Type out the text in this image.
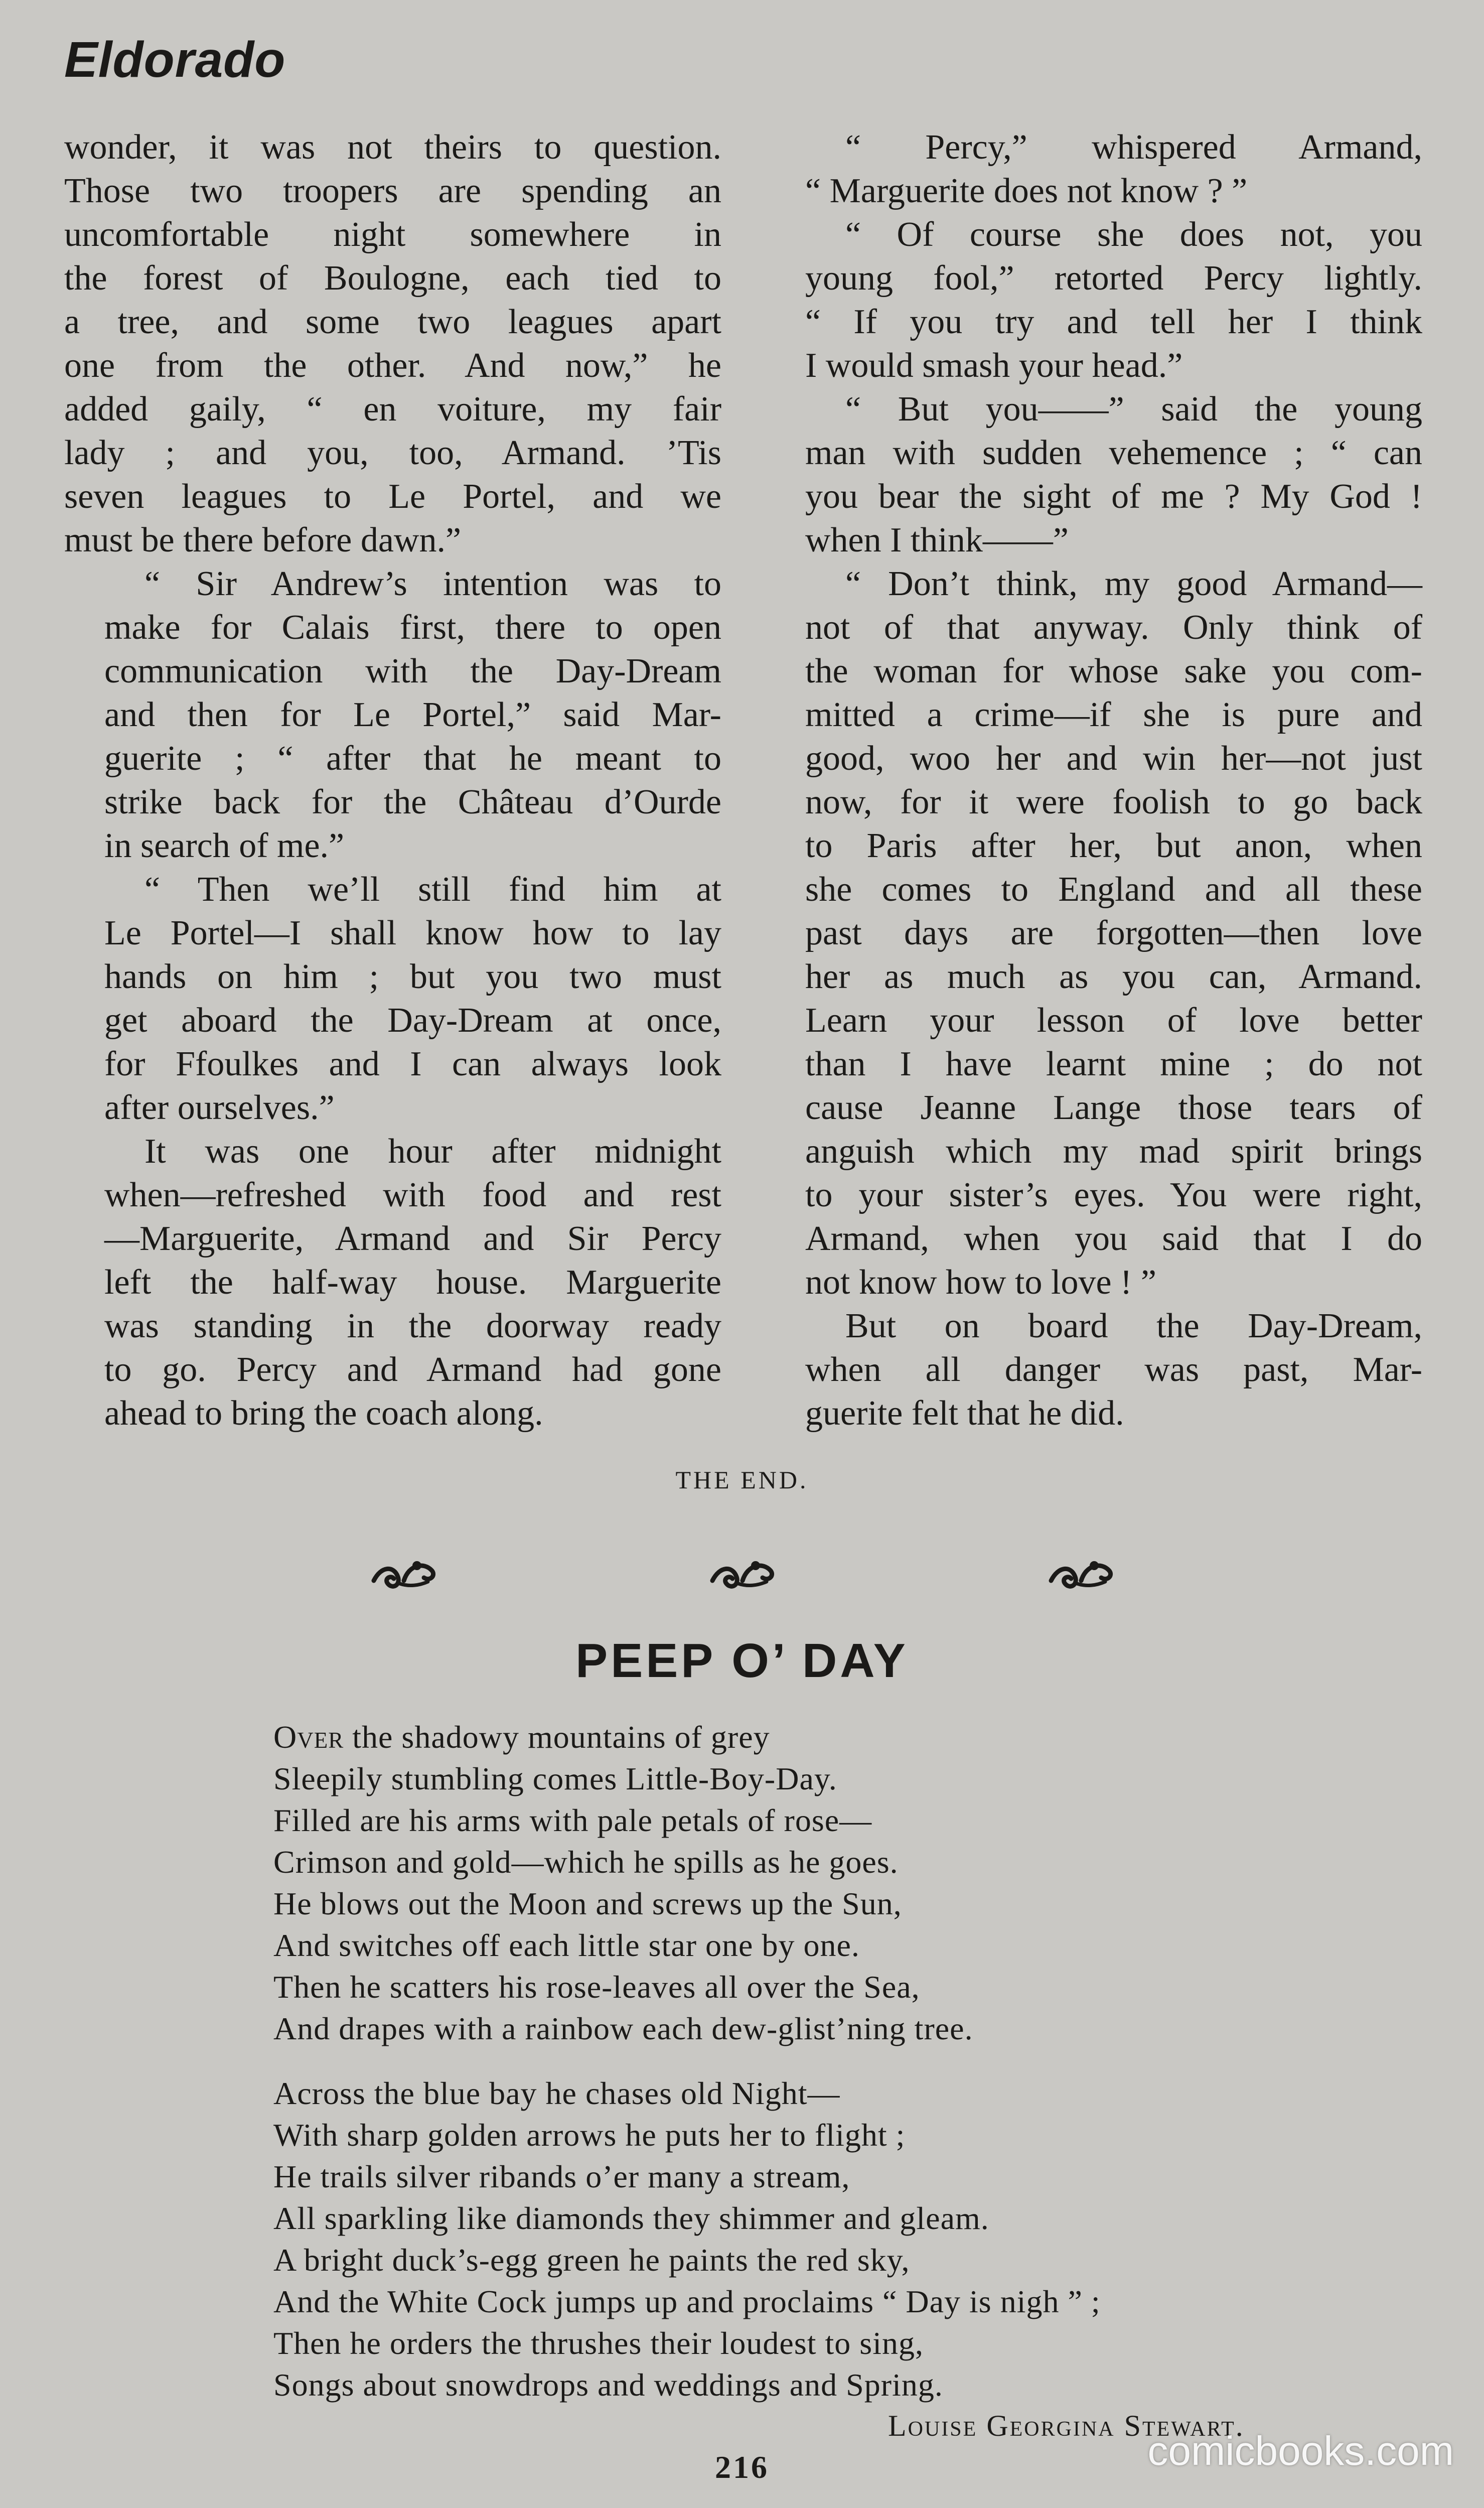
Eldorado

wonder, it was not theirs to question.
Those two troopers are spending an
uncomfortable night somewhere in
the forest of Boulogne, each tied to
a tree, and some two leagues apart
one from the other. And now,” he
added gaily, “ en voiture, my fair
lady ; and you, too, Armand. ’Tis
seven leagues to Le Portel, and we
must be there before dawn.”

“ Sir Andrew’s intention was to
make for Calais first, there to open
communication with the Day-Dream
and then for Le Portel,” said Mar-
guerite ; “ after that he meant to
strike back for the Château d’Ourde
in search of me.”

“ Then we’ll still find him at
Le Portel—I shall know how to lay
hands on him ; but you two must
get aboard the Day-Dream at once,
for Ffoulkes and I can always look
after ourselves.”

It was one hour after midnight
when—refreshed with food and rest
—Marguerite, Armand and Sir Percy
left the half-way house. Marguerite
was standing in the doorway ready
to go. Percy and Armand had gone
ahead to bring the coach along.

“ Percy,” whispered Armand,
“ Marguerite does not know ? ”

“ Of course she does not, you
young fool,” retorted Percy lightly.
“ If you try and tell her I think
I would smash your head.”

“ But you——” said the young
man with sudden vehemence ; “ can
you bear the sight of me ? My God !
when I think——”

“ Don’t think, my good Armand—
not of that anyway. Only think of
the woman for whose sake you com-
mitted a crime—if she is pure and
good, woo her and win her—not just
now, for it were foolish to go back
to Paris after her, but anon, when
she comes to England and all these
past days are forgotten—then love
her as much as you can, Armand.
Learn your lesson of love better
than I have learnt mine ; do not
cause Jeanne Lange those tears of
anguish which my mad spirit brings
to your sister’s eyes. You were right,
Armand, when you said that I do
not know how to love ! ”

But on board the Day-Dream,
when all danger was past, Mar-
guerite felt that he did.

THE END.
PEEP O’ DAY
Over the shadowy mountains of grey
Sleepily stumbling comes Little-Boy-Day.
Filled are his arms with pale petals of rose—
Crimson and gold—which he spills as he goes.
He blows out the Moon and screws up the Sun,
And switches off each little star one by one.
Then he scatters his rose-leaves all over the Sea,
And drapes with a rainbow each dew-glist’ning tree.
Across the blue bay he chases old Night—
With sharp golden arrows he puts her to flight ;
He trails silver ribands o’er many a stream,
All sparkling like diamonds they shimmer and gleam.
A bright duck’s-egg green he paints the red sky,
And the White Cock jumps up and proclaims “ Day is nigh ” ;
Then he orders the thrushes their loudest to sing,
Songs about snowdrops and weddings and Spring.
Louise Georgina Stewart.
216	comicbooks.com
